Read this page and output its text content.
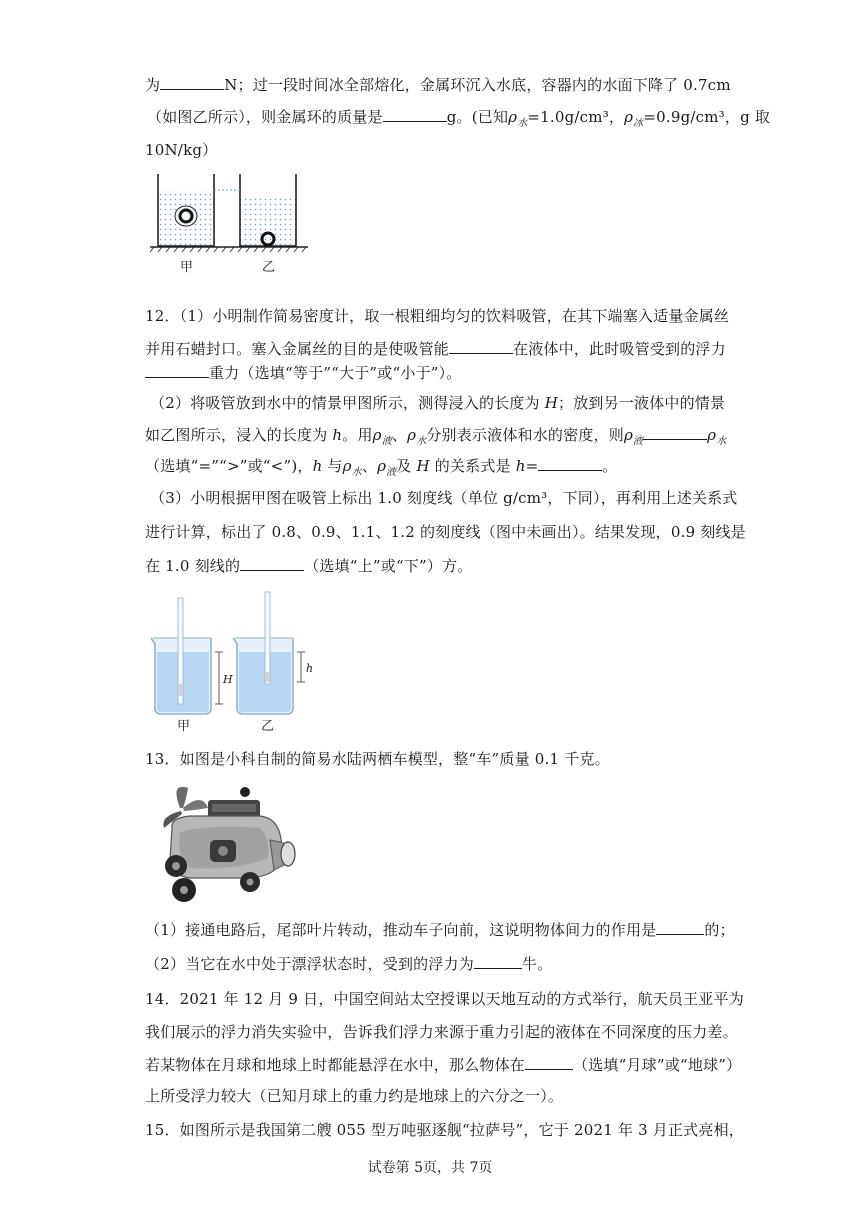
为	N；过一段时间冰全部熔化，金属环沉入水底，容器内的水面下降了 0.7cm
（如图乙所示），则金属环的质量是	g。(已知$\rho_水=1.0g$/cm³，$\rho_冰=0.9g$/cm³，g 取
10N/kg）
甲	乙
12．（1）小明制作简易密度计，取一根粗细均匀的饮料吸管，在其下端塞入适量金属丝
并用石蜡封口。塞入金属丝的目的是使吸管能	在液体中，此时吸管受到的浮力
重力（选填“等于”“大于”或“小于”）。
（2）将吸管放到水中的情景甲图所示，测得浸入的长度为 H；放到另一液体中的情景
如乙图所示，浸入的长度为 h。用$\rho_液$、$\rho_水$分别表示液体和水的密度，则$\rho_液$	$\rho_水$
（选填“=”“>”或“<”)，h 与$\rho_水$、$\rho_液$及 H 的关系式是 h=	。
（3）小明根据甲图在吸管上标出 1.0 刻度线（单位 g/cm³，下同），再利用上述关系式
进行计算，标出了 0.8、0.9、1.1、1.2 的刻度线（图中未画出）。结果发现，0.9 刻线是
在 1.0 刻线的	（选填“上”或“下”）方。
H
h
甲	乙
13．如图是小科自制的简易水陆两栖车模型，整“车”质量 0.1 千克。
（1）接通电路后，尾部叶片转动，推动车子向前，这说明物体间力的作用是	的；
（2）当它在水中处于漂浮状态时，受到的浮力为	牛。
14．2021 年 12 月 9 日，中国空间站太空授课以天地互动的方式举行，航天员王亚平为
我们展示的浮力消失实验中，告诉我们浮力来源于重力引起的液体在不同深度的压力差。
若某物体在月球和地球上时都能悬浮在水中，那么物体在	（选填“月球”或“地球”）
上所受浮力较大（已知月球上的重力约是地球上的六分之一）。
15．如图所示是我国第二艘 055 型万吨驱逐舰“拉萨号”，它于 2021 年 3 月正式亮相，
试卷第 5页，共 7页
